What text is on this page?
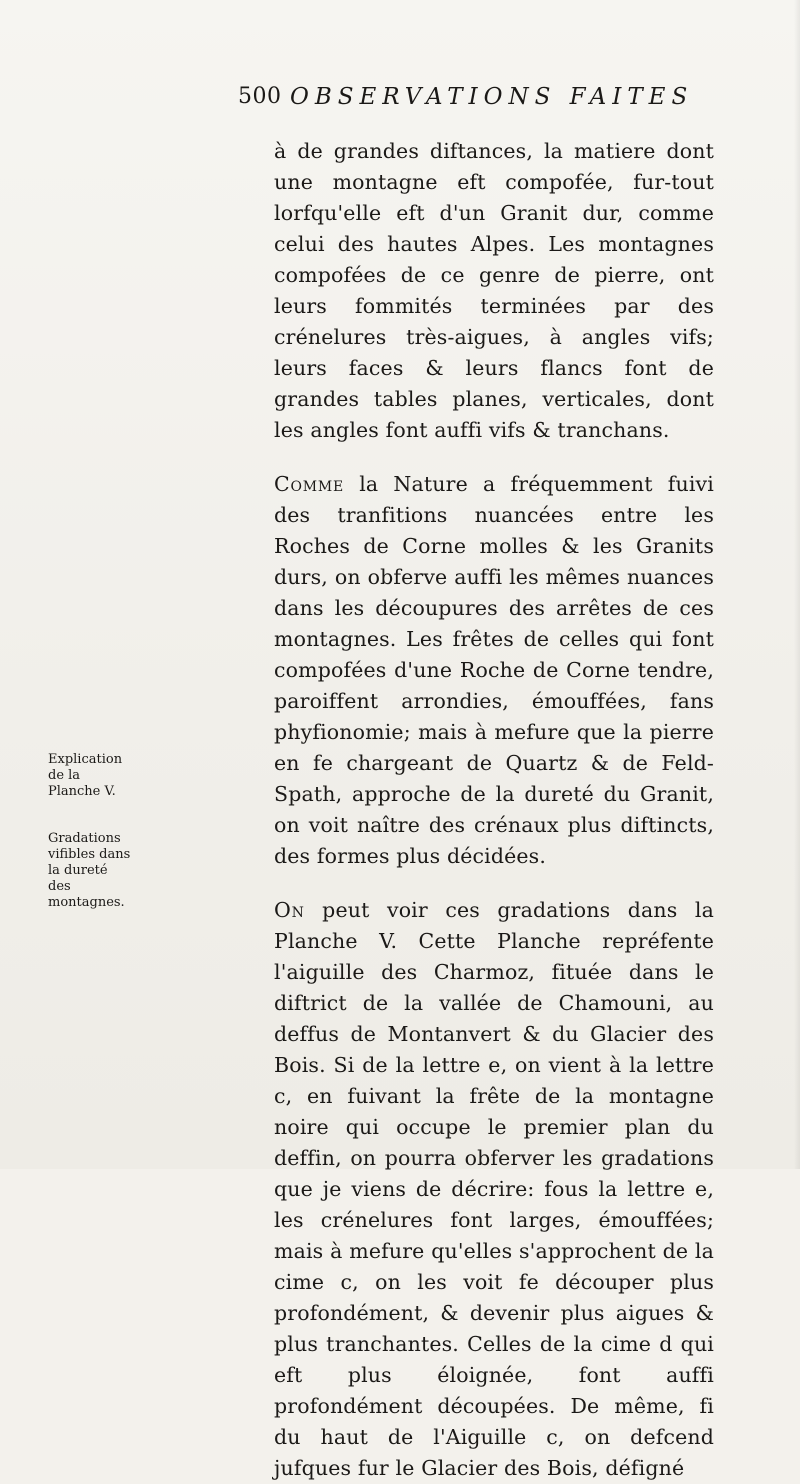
500 OBSERVATIONS FAITES

Explication de la Planche V.

Gradations vifibles dans la dureté des montagnes.

à de grandes diftances, la matiere dont une montagne eft compofée, fur-tout lorfqu'elle eft d'un Granit dur, comme celui des hautes Alpes. Les montagnes compofées de ce genre de pierre, ont leurs fommités terminées par des crénelures très-aigues, à angles vifs; leurs faces & leurs flancs font de grandes tables planes, verticales, dont les angles font auffi vifs & tranchans.

Comme la Nature a fréquemment fuivi des tranfitions nuancées entre les Roches de Corne molles & les Granits durs, on obferve auffi les mêmes nuances dans les découpures des arrêtes de ces montagnes. Les frêtes de celles qui font compofées d'une Roche de Corne tendre, paroiffent arrondies, émouffées, fans phyfionomie; mais à mefure que la pierre en fe chargeant de Quartz & de Feld-Spath, approche de la dureté du Granit, on voit naître des crénaux plus diftincts, des formes plus décidées.

On peut voir ces gradations dans la Planche V. Cette Planche repréfente l'aiguille des Charmoz, fituée dans le diftrict de la vallée de Chamouni, au deffus de Montanvert & du Glacier des Bois. Si de la lettre e, on vient à la lettre c, en fuivant la frête de la montagne noire qui occupe le premier plan du deffin, on pourra obferver les gradations que je viens de décrire: fous la lettre e, les crénelures font larges, émouffées; mais à mefure qu'elles s'approchent de la cime c, on les voit fe découper plus profondément, & devenir plus aigues & plus tranchantes. Celles de la cime d qui eft plus éloignée, font auffi profondément découpées. De même, fi du haut de l'Aiguille c, on defcend jufques fur le Glacier des Bois, défigné
